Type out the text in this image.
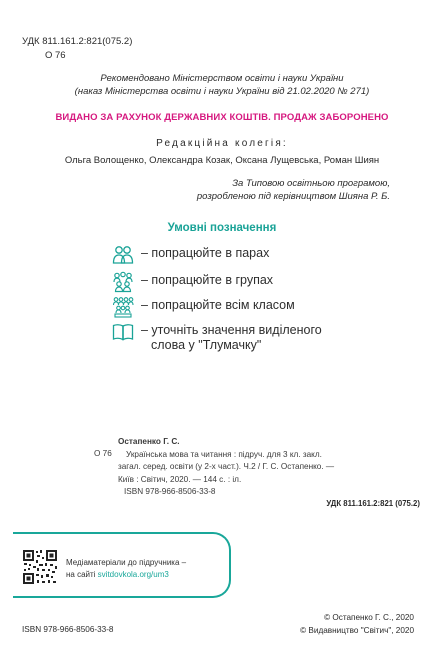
УДК 811.161.2:821(075.2)
О 76
Рекомендовано Міністерством освіти і науки України
(наказ Міністерства освіти і науки України від 21.02.2020 № 271)
ВИДАНО ЗА РАХУНОК ДЕРЖАВНИХ КОШТІВ. ПРОДАЖ ЗАБОРОНЕНО
Редакційна колегія:
Ольга Волощенко, Олександра Козак, Оксана Лущевська, Роман Шиян
За Типовою освітньою програмою,
розробленою під керівництвом Шияна Р. Б.
Умовні позначення
– попрацюйте в парах
– попрацюйте в групах
– попрацюйте всім класом
– уточніть значення виділеного
слова у "Тлумачку"
О 76
Остапенко Г. С.
Українська мова та читання : підруч. для 3 кл. закл.
загал. серед. освіти (у 2-х част.). Ч.2 / Г. С. Остапенко. —
Київ : Світич, 2020. — 144 с. : іл.
ISBN 978-966-8506-33-8
УДК 811.161.2:821 (075.2)
Медіаматеріали до підручника –
на сайті svitdovkola.org/um3
ISBN 978-966-8506-33-8
© Остапенко Г. С., 2020
© Видавництво "Світич", 2020
